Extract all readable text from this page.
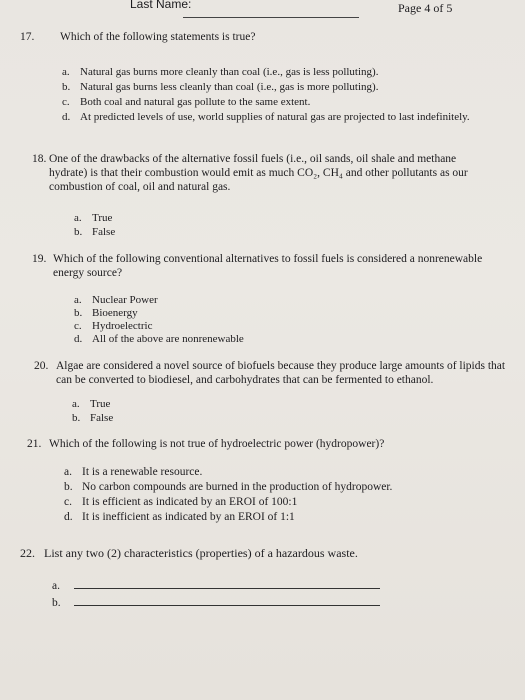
Last Name:	Page 4 of 5
17. Which of the following statements is true?
a. Natural gas burns more cleanly than coal (i.e., gas is less polluting).
b. Natural gas burns less cleanly than coal (i.e., gas is more polluting).
c. Both coal and natural gas pollute to the same extent.
d. At predicted levels of use, world supplies of natural gas are projected to last indefinitely.
18. One of the drawbacks of the alternative fossil fuels (i.e., oil sands, oil shale and methane hydrate) is that their combustion would emit as much CO₂, CH₄ and other pollutants as our combustion of coal, oil and natural gas.
a. True
b. False
19. Which of the following conventional alternatives to fossil fuels is considered a nonrenewable energy source?
a. Nuclear Power
b. Bioenergy
c. Hydroelectric
d. All of the above are nonrenewable
20. Algae are considered a novel source of biofuels because they produce large amounts of lipids that can be converted to biodiesel, and carbohydrates that can be fermented to ethanol.
a. True
b. False
21. Which of the following is not true of hydroelectric power (hydropower)?
a. It is a renewable resource.
b. No carbon compounds are burned in the production of hydropower.
c. It is efficient as indicated by an EROI of 100:1
d. It is inefficient as indicated by an EROI of 1:1
22. List any two (2) characteristics (properties) of a hazardous waste.
a.
b.
